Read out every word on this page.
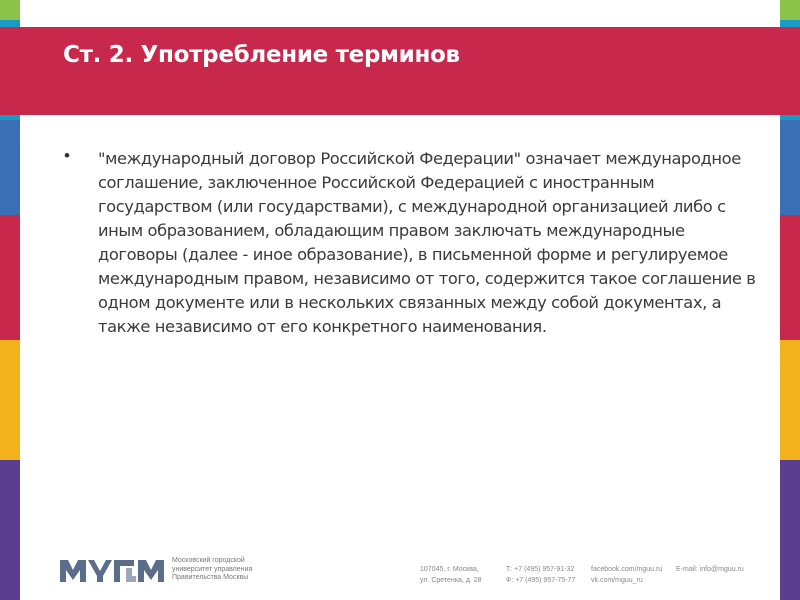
Ст. 2. Употребление терминов
• "международный договор Российской Федерации" означает международное соглашение, заключенное Российской Федерацией с иностранным государством (или государствами), с международной организацией либо с иным образованием, обладающим правом заключать международные договоры (далее - иное образование), в письменной форме и регулируемое международным правом, независимо от того, содержится такое соглашение в одном документе или в нескольких связанных между собой документах, а также независимо от его конкретного наименования.

Московский городской
университет управления
Правительства Москвы
107045, г. Москва,
ул. Сретенка, д. 28
Т: +7 (495) 957-91-32
Ф: +7 (495) 957-75-77
facebook.com/mguu.ru
vk.com/mguu_ru
E-mail: info@mguu.ru
